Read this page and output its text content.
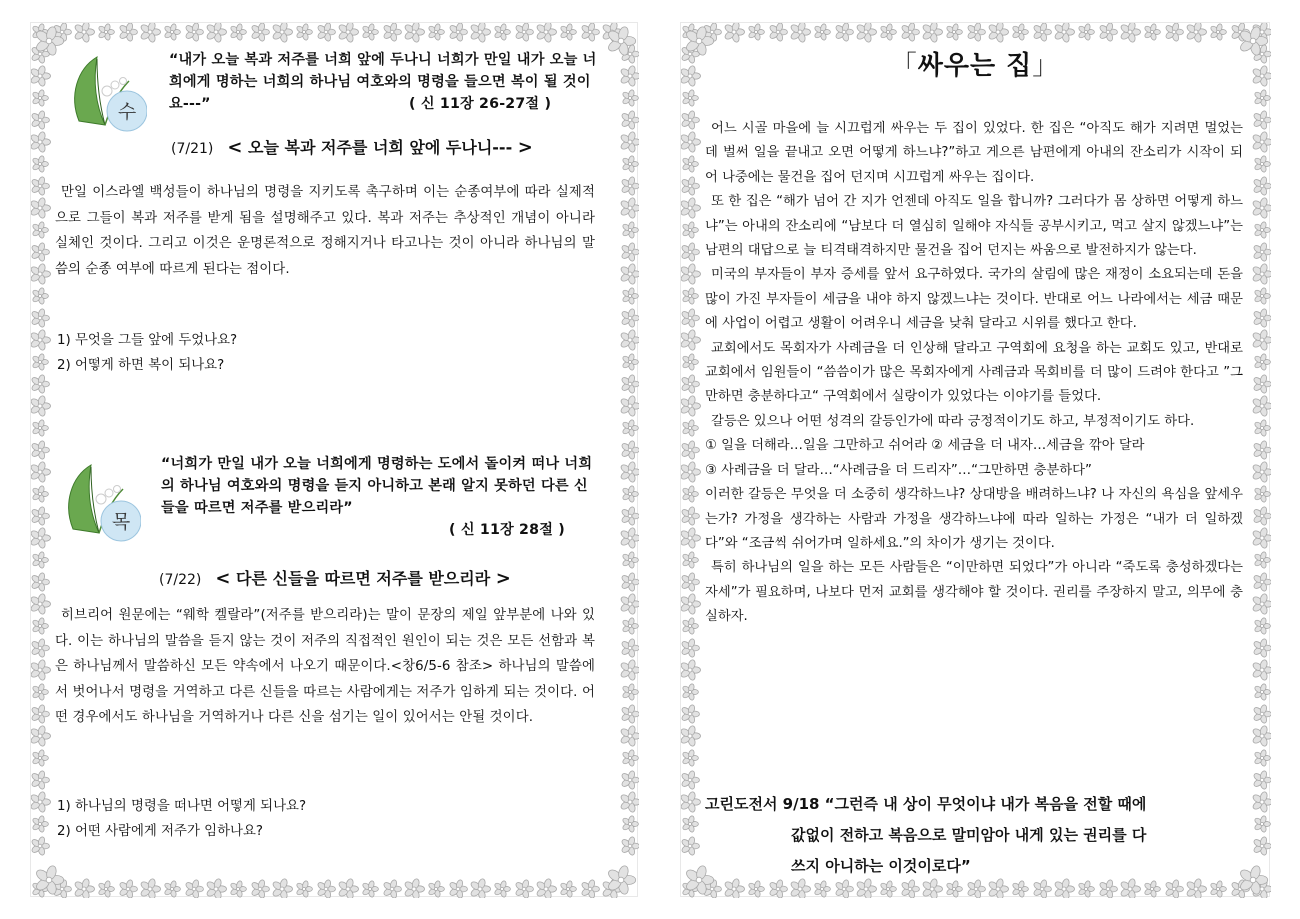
수
“내가 오늘 복과 저주를 너희 앞에 두나니 너희가 만일 내가 오늘 너희에게 명하는 너희의 하나님 여호와의 명령을 들으면 복이 될 것이요---”	( 신 11장 26-27절 )
(7/21) < 오늘 복과 저주를 너희 앞에 두나니--- >

만일 이스라엘 백성들이 하나님의 명령을 지키도록 촉구하며 이는 순종여부에 따라 실제적으로 그들이 복과 저주를 받게 됨을 설명해주고 있다. 복과 저주는 추상적인 개념이 아니라 실체인 것이다. 그리고 이것은 운명론적으로 정해지거나 타고나는 것이 아니라 하나님의 말씀의 순종 여부에 따르게 된다는 점이다.

1) 무엇을 그들 앞에 두었나요?
2) 어떻게 하면 복이 되나요?
목
“너희가 만일 내가 오늘 너희에게 명령하는 도에서 돌이켜 떠나 너희의 하나님 여호와의 명령을 듣지 아니하고 본래 알지 못하던 다른 신들을 따르면 저주를 받으리라”
( 신 11장 28절 )
(7/22) < 다른 신들을 따르면 저주를 받으리라 >

히브리어 원문에는 “웨학 켈랄라”(저주를 받으리라)는 말이 문장의 제일 앞부분에 나와 있다. 이는 하나님의 말씀을 듣지 않는 것이 저주의 직접적인 원인이 되는 것은 모든 선함과 복은 하나님께서 말씀하신 모든 약속에서 나오기 때문이다.<창6/5-6 참조> 하나님의 말씀에서 벗어나서 명령을 거역하고 다른 신들을 따르는 사람에게는 저주가 임하게 되는 것이다. 어떤 경우에서도 하나님을 거역하거나 다른 신을 섬기는 일이 있어서는 안될 것이다.

1) 하나님의 명령을 떠나면 어떻게 되나요?
2) 어떤 사람에게 저주가 임하나요?
「싸우는 집」

어느 시골 마을에 늘 시끄럽게 싸우는 두 집이 있었다. 한 집은 “아직도 해가 지려면 멀었는데 벌써 일을 끝내고 오면 어떻게 하느냐?”하고 게으른 남편에게 아내의 잔소리가 시작이 되어 나중에는 물건을 집어 던지며 시끄럽게 싸우는 집이다.

또 한 집은 “해가 넘어 간 지가 언젠데 아직도 일을 합니까? 그러다가 몸 상하면 어떻게 하느냐”는 아내의 잔소리에 “남보다 더 열심히 일해야 자식들 공부시키고, 먹고 살지 않겠느냐”는 남편의 대답으로 늘 티격태격하지만 물건을 집어 던지는 싸움으로 발전하지가 않는다.

미국의 부자들이 부자 증세를 앞서 요구하였다. 국가의 살림에 많은 재정이 소요되는데 돈을 많이 가진 부자들이 세금을 내야 하지 않겠느냐는 것이다. 반대로 어느 나라에서는 세금 때문에 사업이 어렵고 생활이 어려우니 세금을 낮춰 달라고 시위를 했다고 한다.

교회에서도 목회자가 사례금을 더 인상해 달라고 구역회에 요청을 하는 교회도 있고, 반대로 교회에서 임원들이 “씀씀이가 많은 목회자에게 사례금과 목회비를 더 많이 드려야 한다고 ”그만하면 충분하다고“ 구역회에서 실랑이가 있었다는 이야기를 들었다.

갈등은 있으나 어떤 성격의 갈등인가에 따라 긍정적이기도 하고, 부정적이기도 하다.

① 일을 더해라…일을 그만하고 쉬어라 ② 세금을 더 내자…세금을 깎아 달라

③ 사례금을 더 달라…“사례금을 더 드리자”…“그만하면 충분하다”

이러한 갈등은 무엇을 더 소중히 생각하느냐? 상대방을 배려하느냐? 나 자신의 욕심을 앞세우는가? 가정을 생각하는 사람과 가정을 생각하느냐에 따라 일하는 가정은 “내가 더 일하겠다”와 “조금씩 쉬어가며 일하세요.”의 차이가 생기는 것이다.

특히 하나님의 일을 하는 모든 사람들은 “이만하면 되었다”가 아니라 “죽도록 충성하겠다는 자세”가 필요하며, 나보다 먼저 교회를 생각해야 할 것이다. 권리를 주장하지 말고, 의무에 충실하자.

고린도전서 9/18 “그런즉 내 상이 무엇이냐 내가 복음을 전할 때에
값없이 전하고 복음으로 말미암아 내게 있는 권리를 다
쓰지 아니하는 이것이로다”
